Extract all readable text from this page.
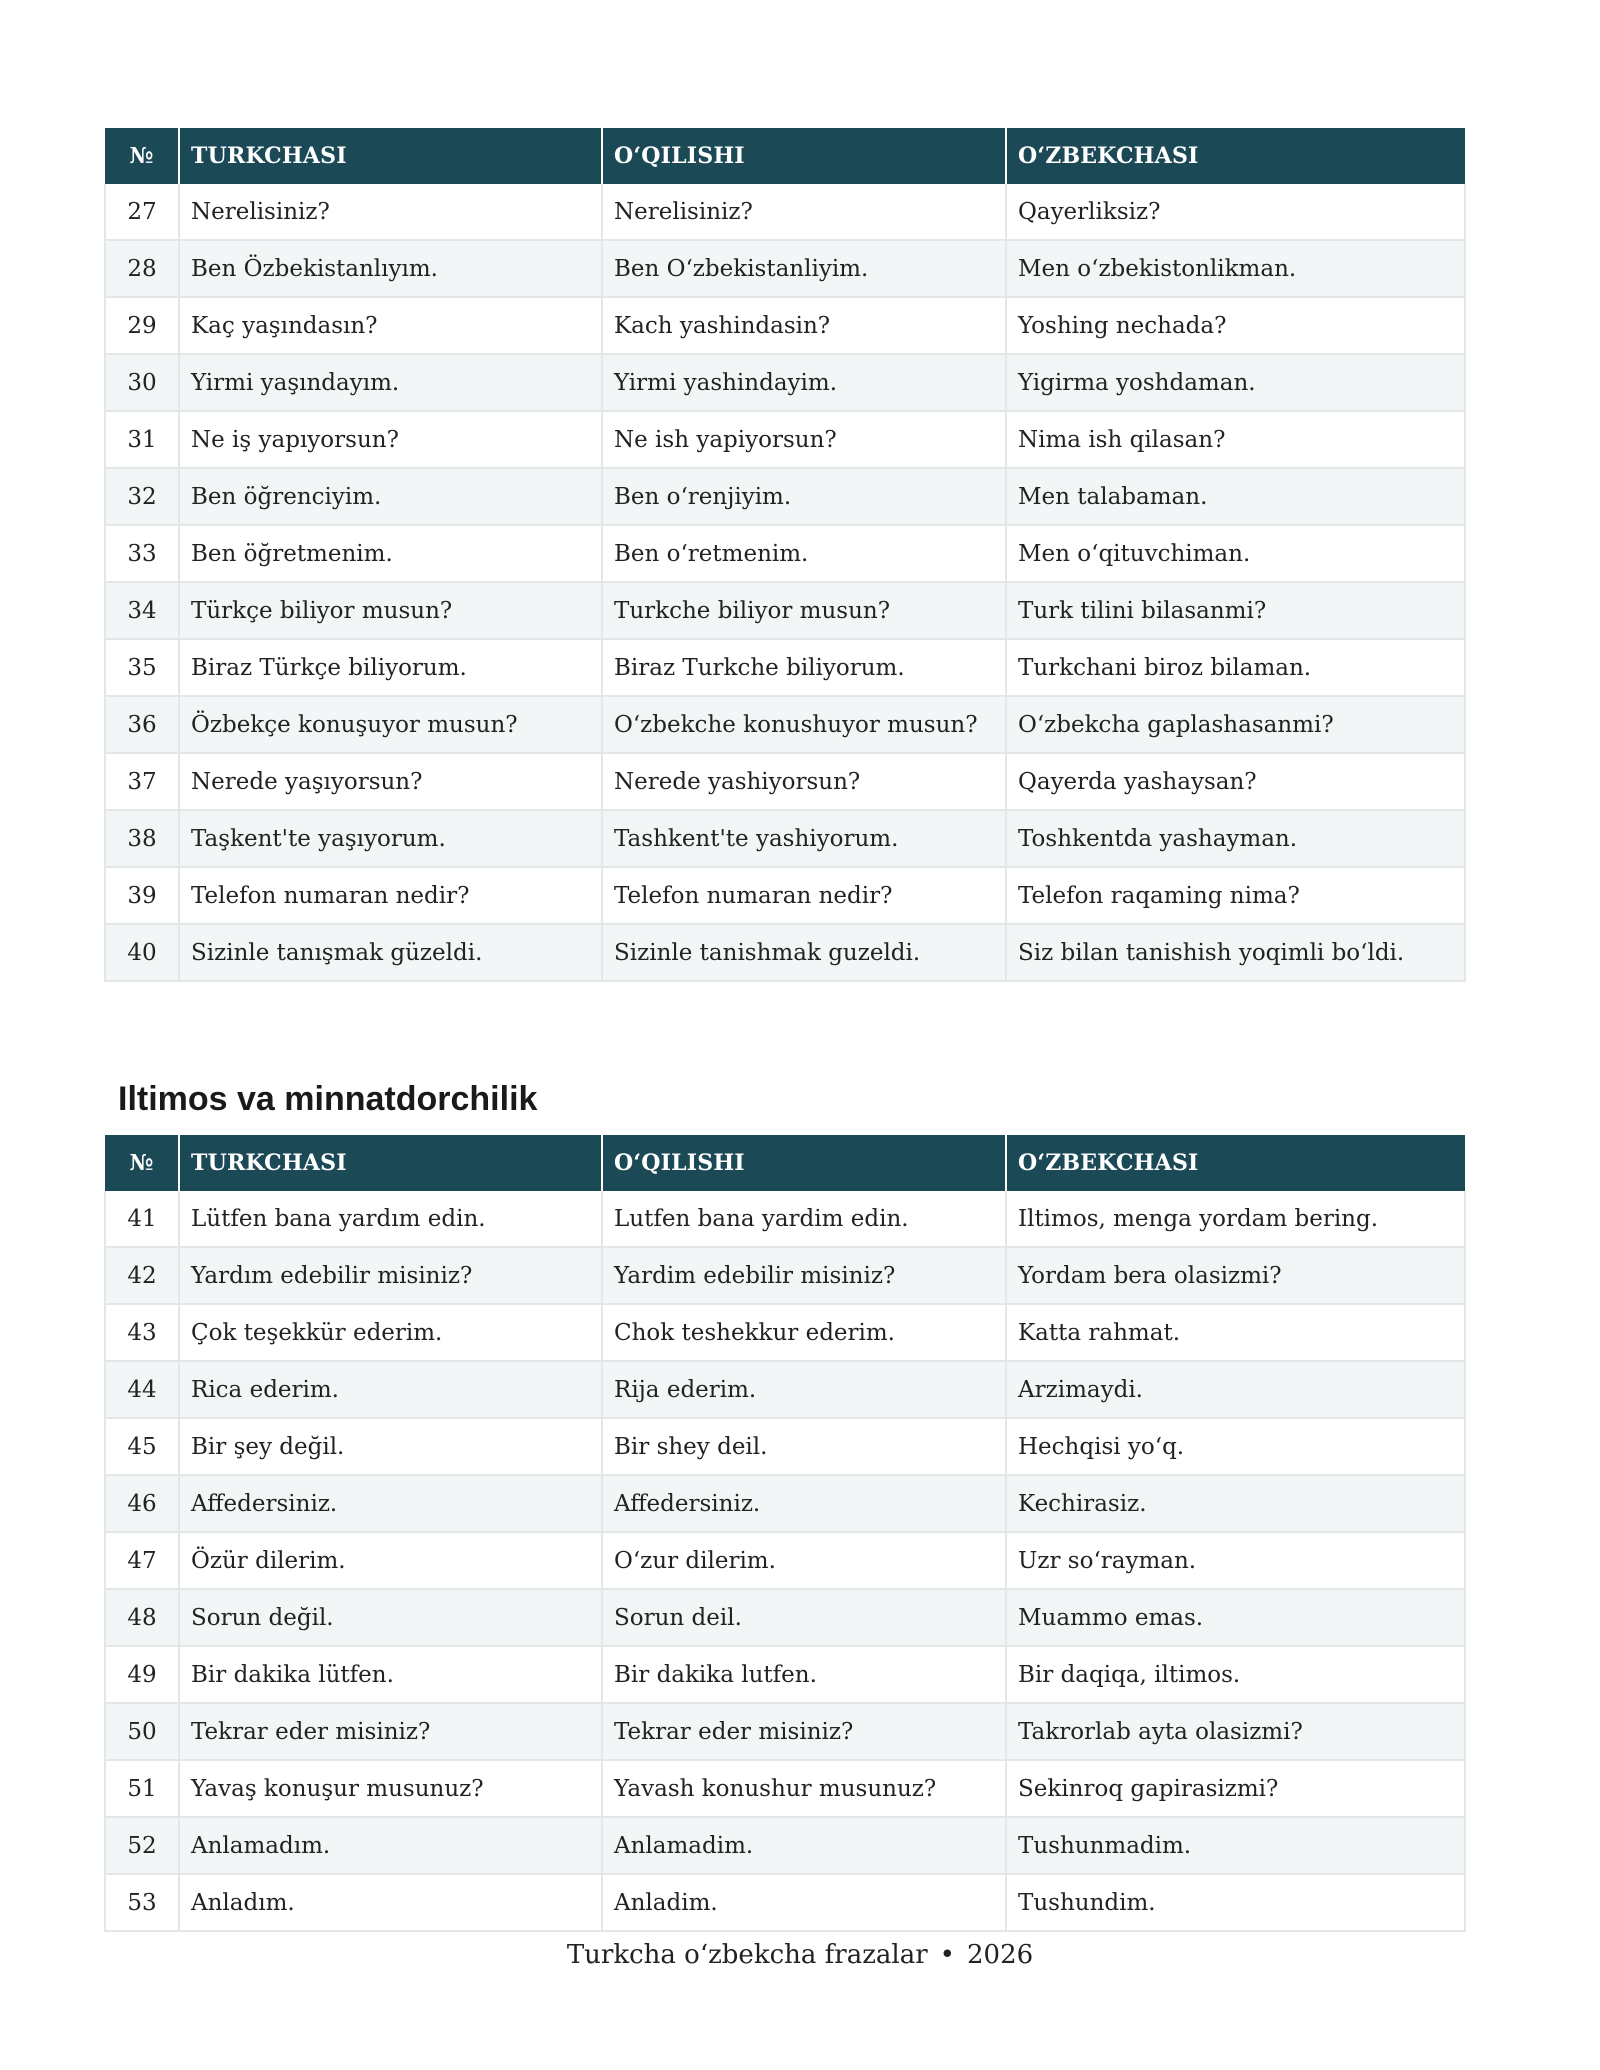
№	TURKCHASI	O‘QILISHI	O‘ZBEKCHASI
27	Nerelisiniz?	Nerelisiniz?	Qayerliksiz?
28	Ben Özbekistanlıyım.	Ben O‘zbekistanliyim.	Men o‘zbekistonlikman.
29	Kaç yaşındasın?	Kach yashindasin?	Yoshing nechada?
30	Yirmi yaşındayım.	Yirmi yashindayim.	Yigirma yoshdaman.
31	Ne iş yapıyorsun?	Ne ish yapiyorsun?	Nima ish qilasan?
32	Ben öğrenciyim.	Ben o‘renjiyim.	Men talabaman.
33	Ben öğretmenim.	Ben o‘retmenim.	Men o‘qituvchiman.
34	Türkçe biliyor musun?	Turkche biliyor musun?	Turk tilini bilasanmi?
35	Biraz Türkçe biliyorum.	Biraz Turkche biliyorum.	Turkchani biroz bilaman.
36	Özbekçe konuşuyor musun?	O‘zbekche konushuyor musun?	O‘zbekcha gaplashasanmi?
37	Nerede yaşıyorsun?	Nerede yashiyorsun?	Qayerda yashaysan?
38	Taşkent'te yaşıyorum.	Tashkent'te yashiyorum.	Toshkentda yashayman.
39	Telefon numaran nedir?	Telefon numaran nedir?	Telefon raqaming nima?
40	Sizinle tanışmak güzeldi.	Sizinle tanishmak guzeldi.	Siz bilan tanishish yoqimli bo‘ldi.
Iltimos va minnatdorchilik
№	TURKCHASI	O‘QILISHI	O‘ZBEKCHASI
41	Lütfen bana yardım edin.	Lutfen bana yardim edin.	Iltimos, menga yordam bering.
42	Yardım edebilir misiniz?	Yardim edebilir misiniz?	Yordam bera olasizmi?
43	Çok teşekkür ederim.	Chok teshekkur ederim.	Katta rahmat.
44	Rica ederim.	Rija ederim.	Arzimaydi.
45	Bir şey değil.	Bir shey deil.	Hechqisi yo‘q.
46	Affedersiniz.	Affedersiniz.	Kechirasiz.
47	Özür dilerim.	O‘zur dilerim.	Uzr so‘rayman.
48	Sorun değil.	Sorun deil.	Muammo emas.
49	Bir dakika lütfen.	Bir dakika lutfen.	Bir daqiqa, iltimos.
50	Tekrar eder misiniz?	Tekrar eder misiniz?	Takrorlab ayta olasizmi?
51	Yavaş konuşur musunuz?	Yavash konushur musunuz?	Sekinroq gapirasizmi?
52	Anlamadım.	Anlamadim.	Tushunmadim.
53	Anladım.	Anladim.	Tushundim.
Turkcha o‘zbekcha frazalar • 2026
